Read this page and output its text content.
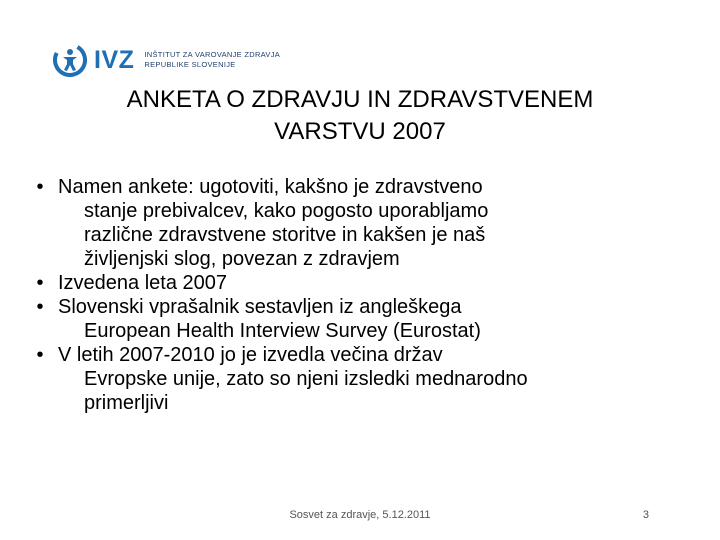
IVZ INŠTITUT ZA VAROVANJE ZDRAVJA
REPUBLIKE SLOVENIJE
ANKETA O ZDRAVJU IN ZDRAVSTVENEM
VARSTVU 2007
• Namen ankete: ugotoviti, kakšno je zdravstveno
stanje prebivalcev, kako pogosto uporabljamo
različne zdravstvene storitve in kakšen je naš
življenjski slog, povezan z zdravjem
• Izvedena leta 2007
• Slovenski vprašalnik sestavljen iz angleškega
European Health Interview Survey (Eurostat)
• V letih 2007-2010 jo je izvedla večina držav
Evropske unije, zato so njeni izsledki mednarodno
primerljivi
Sosvet za zdravje, 5.12.2011	3
